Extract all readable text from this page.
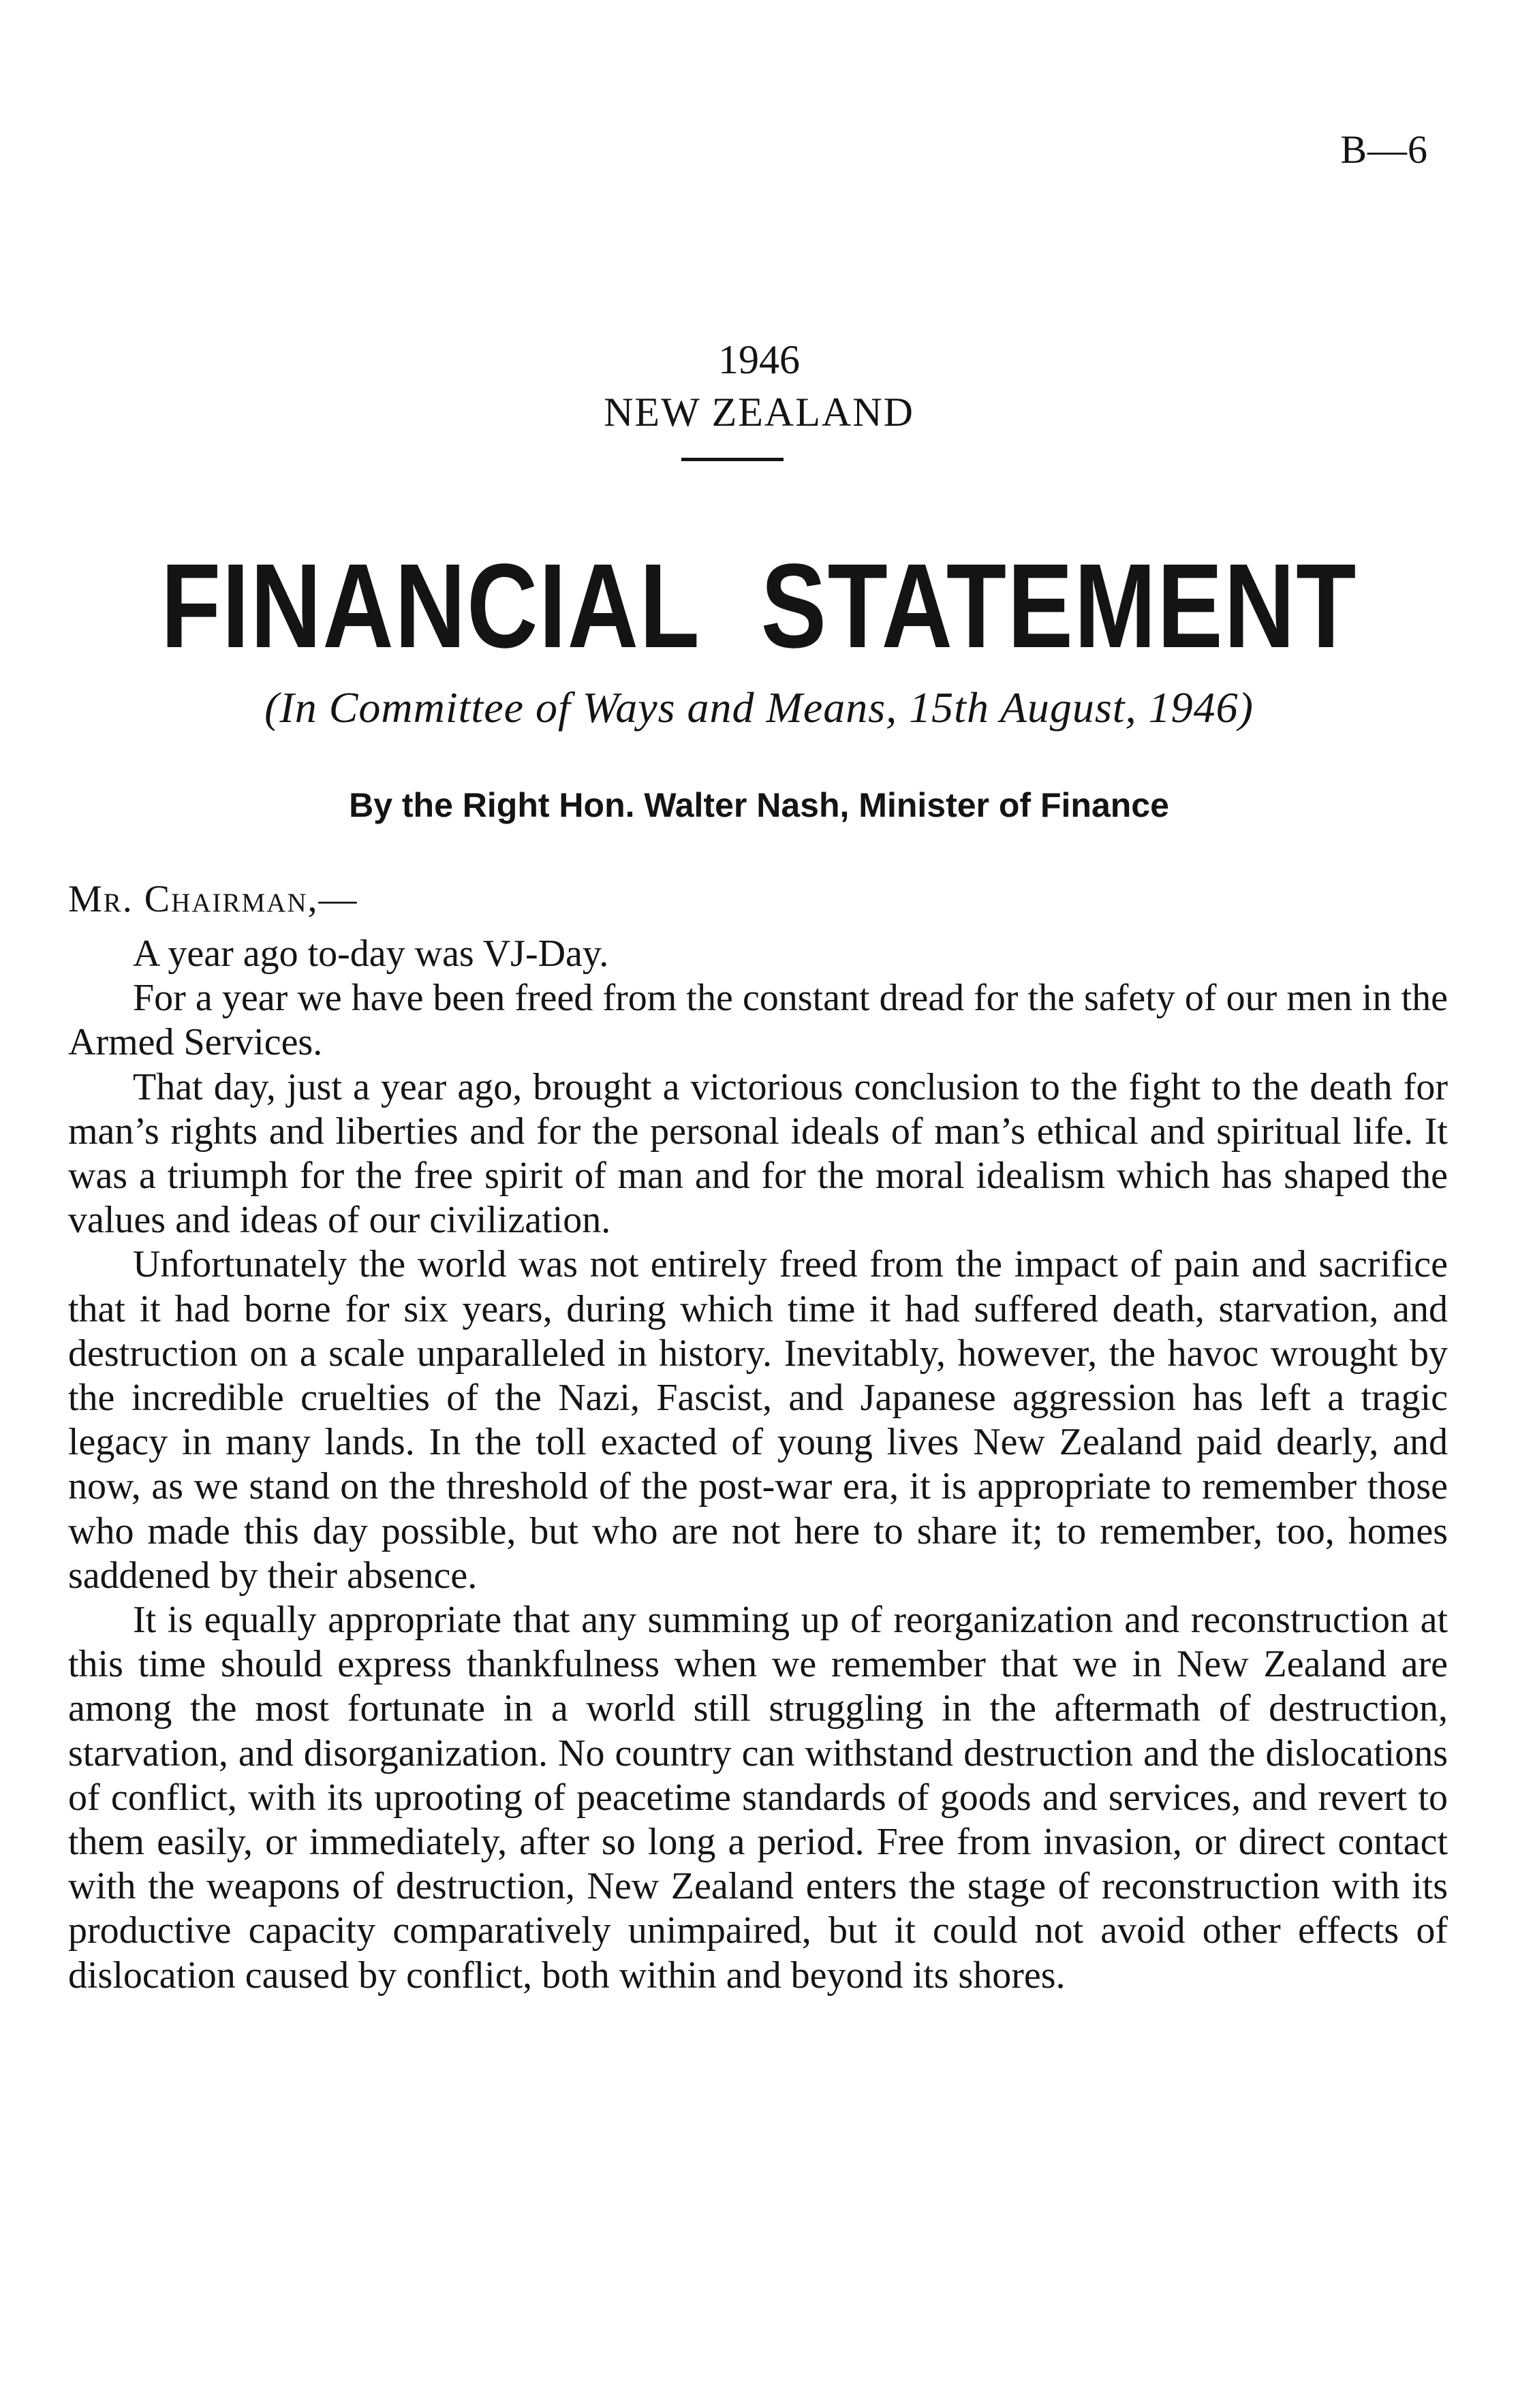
B—6
1946
NEW ZEALAND
FINANCIAL STATEMENT
(In Committee of Ways and Means, 15th August, 1946)
By the Right Hon. Walter Nash, Minister of Finance
Mr. Chairman,—

A year ago to-day was VJ-Day.

For a year we have been freed from the constant dread for the safety of our men in the Armed Services.

That day, just a year ago, brought a victorious conclusion to the fight to the death for man’s rights and liberties and for the personal ideals of man’s ethical and spiritual life. It was a triumph for the free spirit of man and for the moral idealism which has shaped the values and ideas of our civilization.

Unfortunately the world was not entirely freed from the impact of pain and sacrifice that it had borne for six years, during which time it had suffered death, starvation, and destruction on a scale unparalleled in history. Inevitably, however, the havoc wrought by the incredible cruelties of the Nazi, Fascist, and Japanese aggression has left a tragic legacy in many lands. In the toll exacted of young lives New Zealand paid dearly, and now, as we stand on the threshold of the post-war era, it is appropriate to remember those who made this day possible, but who are not here to share it; to remember, too, homes saddened by their absence.

It is equally appropriate that any summing up of reorganization and reconstruction at this time should express thankfulness when we remember that we in New Zealand are among the most fortunate in a world still struggling in the aftermath of destruction, starvation, and disorganization. No country can withstand destruction and the dislocations of conflict, with its uprooting of peacetime standards of goods and services, and revert to them easily, or immediately, after so long a period. Free from invasion, or direct contact with the weapons of destruction, New Zealand enters the stage of reconstruction with its productive capacity comparatively unimpaired, but it could not avoid other effects of dislocation caused by conflict, both within and beyond its shores.
